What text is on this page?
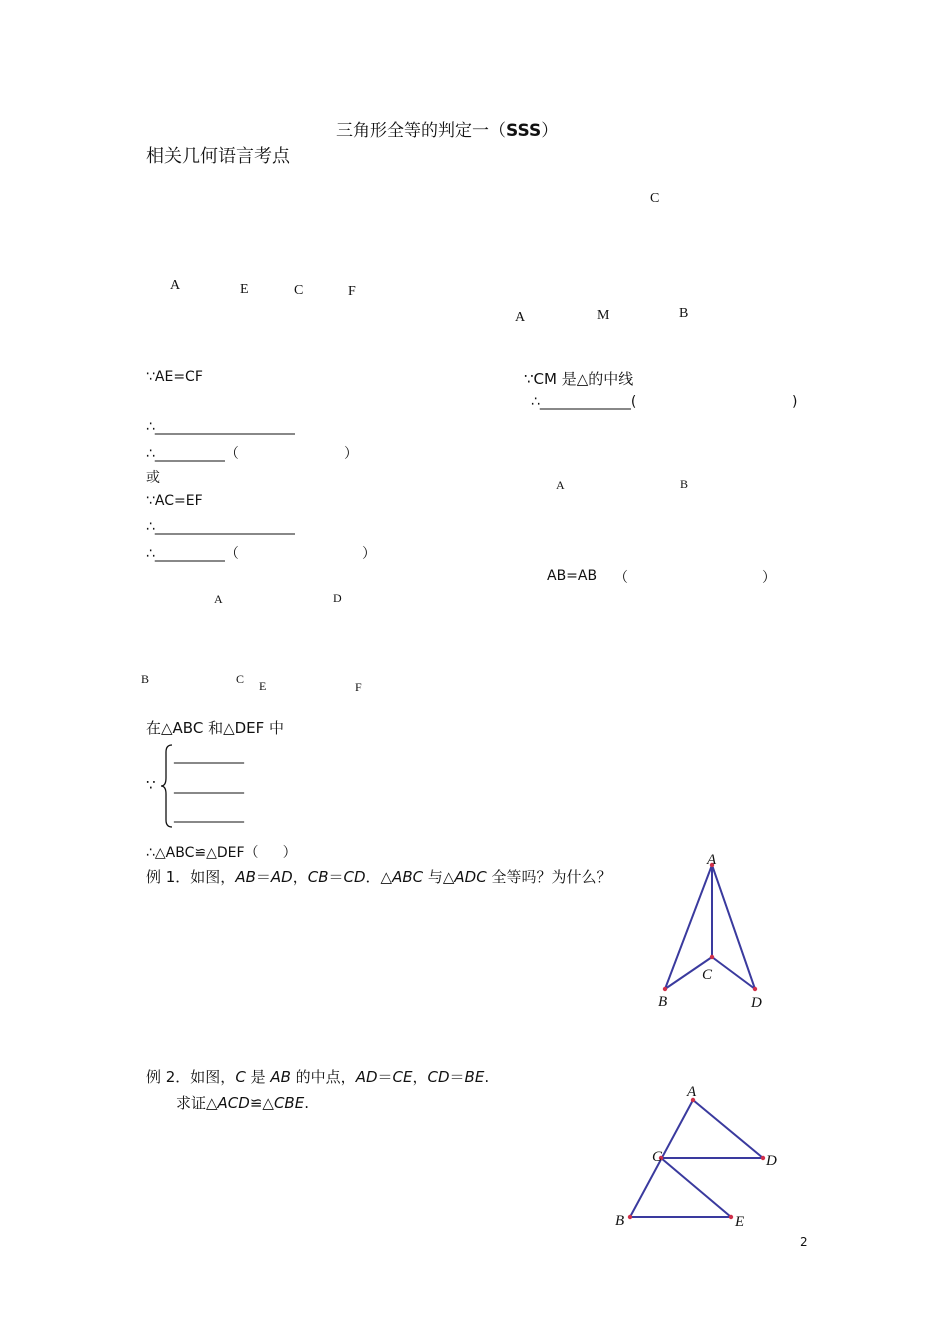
三角形全等的判定一（SSS）
相关几何语言考点
A	E	C	F
C
A	M	B
∵AE=CF
∴____________________
∴__________（	）
或
∵AC=EF
∴____________________
∴__________（	）
∵CM 是△的中线
∴_____________(	)
A	B
AB=AB （	）
A	D
B	C E	F
在△ABC 和△DEF 中
∵
__________
__________
__________
∴△ABC≌△DEF（ ）
例 1．如图，AB＝AD，CB＝CD．△ABC 与△ADC 全等吗？为什么？
A
C
B	D
例 2．如图，C 是 AB 的中点，AD＝CE，CD＝BE.
求证△ACD≌△CBE.
A
C	D
B	E
2
